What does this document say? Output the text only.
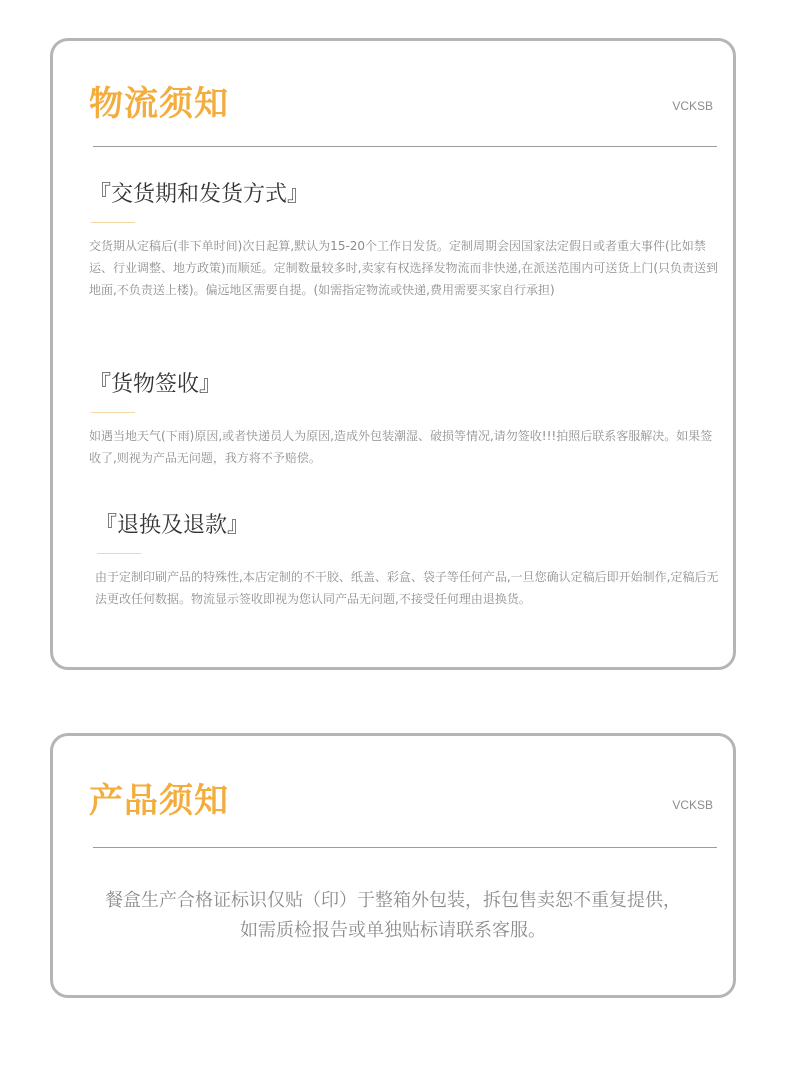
物流须知	VCKSB
『交货期和发货方式』

交货期从定稿后(非下单时间)次日起算,默认为15-20个工作日发货。定制周期会因国家法定假日或者重大事件(比如禁运、行业调整、地方政策)而顺延。定制数量较多时,卖家有权选择发物流而非快递,在派送范围内可送货上门(只负责送到地面,不负责送上楼)。偏远地区需要自提。(如需指定物流或快递,费用需要买家自行承担)

『货物签收』

如遇当地天气(下雨)原因,或者快递员人为原因,造成外包装潮湿、破损等情况,请勿签收!!!拍照后联系客服解决。如果签收了,则视为产品无问题，我方将不予赔偿。

『退换及退款』

由于定制印刷产品的特殊性,本店定制的不干胶、纸盖、彩盒、袋子等任何产品,一旦您确认定稿后即开始制作,定稿后无法更改任何数据。物流显示签收即视为您认同产品无问题,不接受任何理由退换货。

产品须知	VCKSB

餐盒生产合格证标识仅贴（印）于整箱外包装，拆包售卖恕不重复提供，
如需质检报告或单独贴标请联系客服。
